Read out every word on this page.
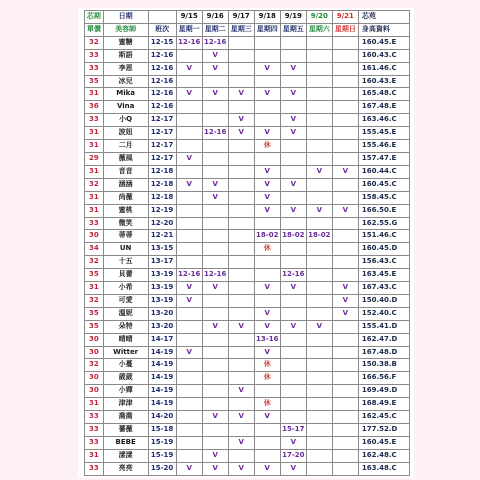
芯期	日期		9/15	9/16	9/17	9/18	9/19	9/20	9/21	芯苑
單價	美容師	班次	星期一	星期二	星期三	星期四	星期五	星期六	星期日	身高資料
32	蜜糖	12-15	12-16	12-16						160.45.E
33	斯語	12-16		V						160.43.C
33	李恩	12-16	V	V		V	V			161.46.C
35	冰兒	12-16								160.43.E
31	Mika	12-16	V	V	V	V	V			165.48.C
36	Vina	12-16								167.48.E
33	小Q	12-17			V		V			163.46.C
31	波妞	12-17		12-16	V	V	V			155.45.E
31	二月	12-17				休				155.46.E
29	薇風	12-17	V							157.47.E
31	音音	12-18				V		V	V	160.44.C
32	涵涵	12-18	V	V		V	V			160.45.C
31	尚薇	12-18		V		V				158.45.C
31	蜜桃	12-19				V	V	V	V	166.50.E
33	微笑	12-20								162.55.G
30	蒂蒂	12-21				18-02	18-02	18-02		151.46.C
34	UN	13-15				休				160.45.D
32	十五	13-17								156.43.C
35	貝蕾	13-19	12-16	12-16			12-16			163.45.E
31	小希	13-19	V	V		V	V		V	167.43.C
32	可愛	13-19	V						V	150.40.D
35	溫妮	13-20				V			V	152.40.C
35	朵特	13-20		V	V	V	V	V		155.41.D
30	晴晴	14-17				13-16				162.47.D
30	Witter	14-19	V			V				167.48.D
32	小蔓	14-19				休				150.38.B
30	葳葳	14-19				休				166.56.F
30	小嬋	14-19			V					169.49.D
31	津津	14-19				休				168.49.E
33	喬喬	14-20		V	V	V				162.45.C
33	薔薇	15-18					15-17			177.52.D
33	BEBE	15-19			V		V			160.45.E
31	漾漾	15-19		V			17-20			162.48.C
33	亮亮	15-20	V	V	V	V	V			163.48.C
